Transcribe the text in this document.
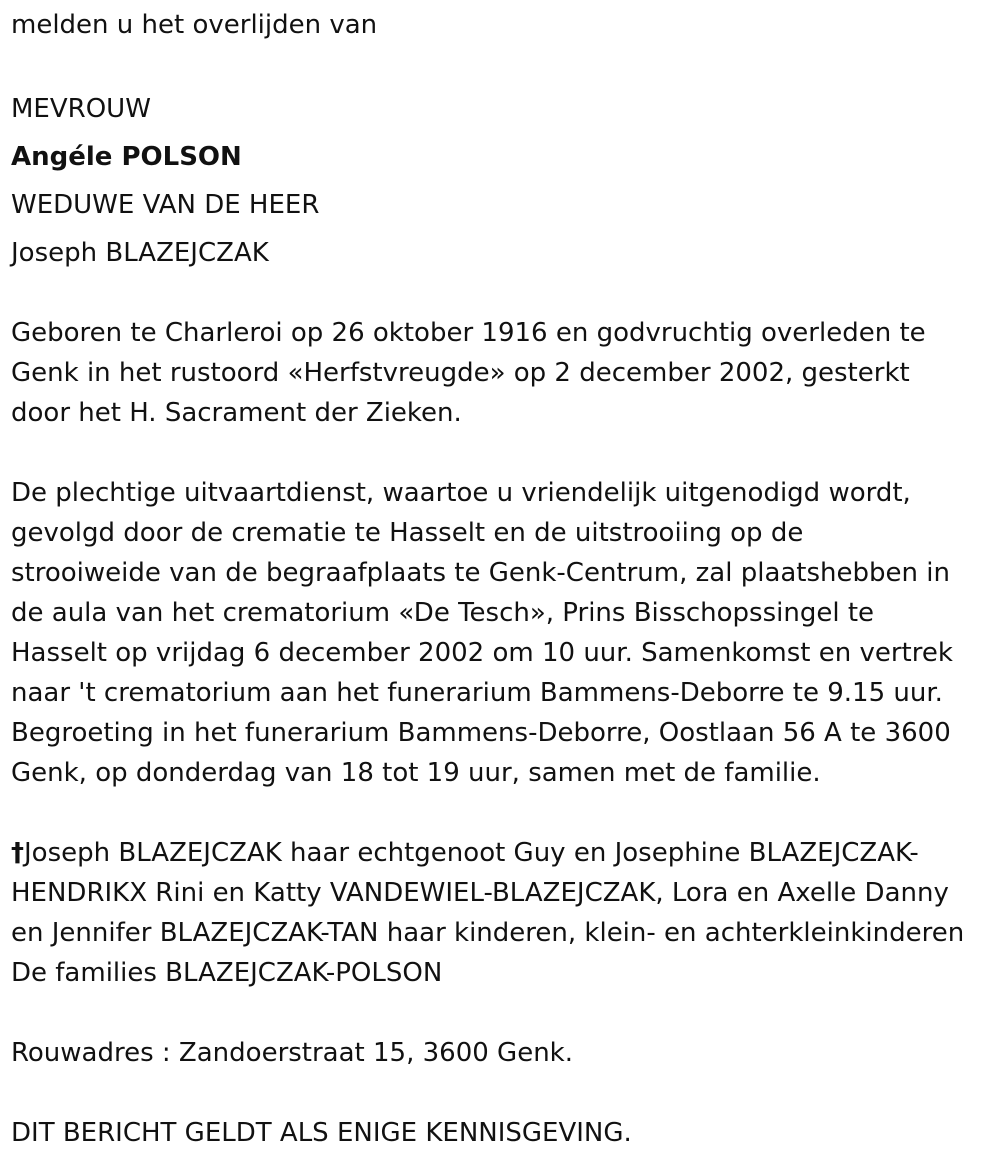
melden u het overlijden van
MEVROUW
Angéle POLSON
WEDUWE VAN DE HEER
Joseph BLAZEJCZAK
Geboren te Charleroi op 26 oktober 1916 en godvruchtig overleden te
Genk in het rustoord «Herfstvreugde» op 2 december 2002, gesterkt
door het H. Sacrament der Zieken.
De plechtige uitvaartdienst, waartoe u vriendelijk uitgenodigd wordt,
gevolgd door de crematie te Hasselt en de uitstrooiing op de
strooiweide van de begraafplaats te Genk-Centrum, zal plaatshebben in
de aula van het crematorium «De Tesch», Prins Bisschopssingel te
Hasselt op vrijdag 6 december 2002 om 10 uur. Samenkomst en vertrek
naar 't crematorium aan het funerarium Bammens-Deborre te 9.15 uur.
Begroeting in het funerarium Bammens-Deborre, Oostlaan 56 A te 3600
Genk, op donderdag van 18 tot 19 uur, samen met de familie.
†Joseph BLAZEJCZAK haar echtgenoot Guy en Josephine BLAZEJCZAK-
HENDRIKX Rini en Katty VANDEWIEL-BLAZEJCZAK, Lora en Axelle Danny
en Jennifer BLAZEJCZAK-TAN haar kinderen, klein- en achterkleinkinderen
De families BLAZEJCZAK-POLSON
Rouwadres : Zandoerstraat 15, 3600 Genk.
DIT BERICHT GELDT ALS ENIGE KENNISGEVING.
